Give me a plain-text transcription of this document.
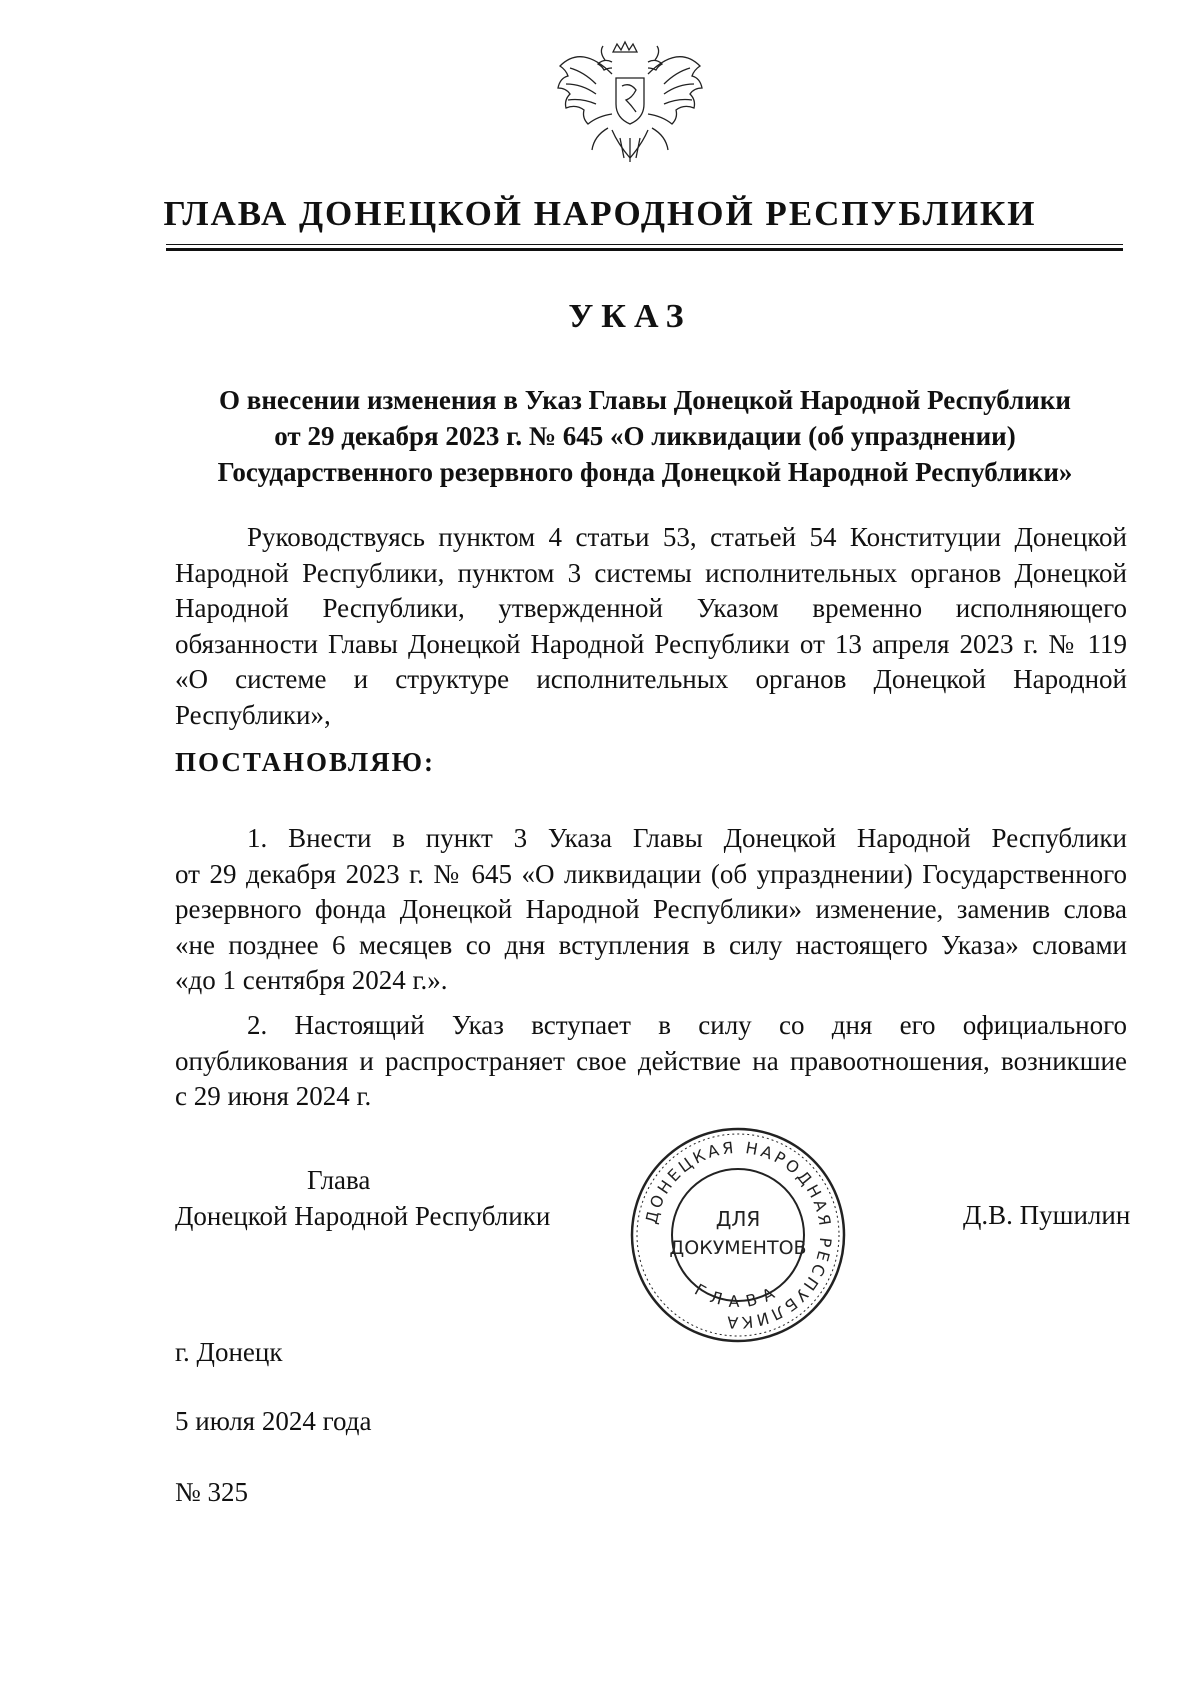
ГЛАВА ДОНЕЦКОЙ НАРОДНОЙ РЕСПУБЛИКИ
УКАЗ
О внесении изменения в Указ Главы Донецкой Народной Республики
от 29 декабря 2023 г. № 645 «О ликвидации (об упразднении)
Государственного резервного фонда Донецкой Народной Республики»
Руководствуясь пунктом 4 статьи 53, статьей 54 Конституции Донецкой
Народной Республики, пунктом 3 системы исполнительных органов Донецкой
Народной Республики, утвержденной Указом временно исполняющего
обязанности Главы Донецкой Народной Республики от 13 апреля 2023 г. № 119
«О системе и структуре исполнительных органов Донецкой Народной
Республики»,
ПОСТАНОВЛЯЮ:
1. Внести в пункт 3 Указа Главы Донецкой Народной Республики
от 29 декабря 2023 г. № 645 «О ликвидации (об упразднении) Государственного
резервного фонда Донецкой Народной Республики» изменение, заменив слова
«не позднее 6 месяцев со дня вступления в силу настоящего Указа» словами
«до 1 сентября 2024 г.».
2. Настоящий Указ вступает в силу со дня его официального
опубликования и распространяет свое действие на правоотношения, возникшие
с 29 июня 2024 г.
Глава
Донецкой Народной Республики	ДОНЕЦКАЯ НАРОДНАЯ РЕСПУБЛИКА
ГЛАВА
ДЛЯ
ДОКУМЕНТОВ
Д.В. Пушилин
г. Донецк
5 июля 2024 года
№ 325
